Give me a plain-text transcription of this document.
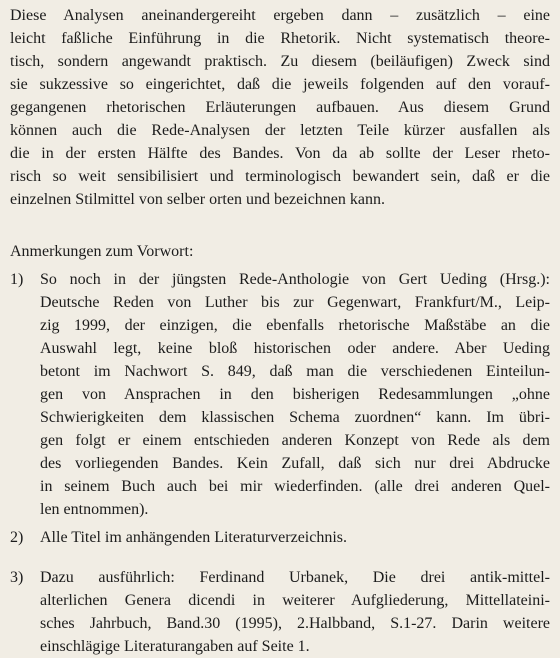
Diese Analysen aneinandergereiht ergeben dann – zusätzlich – eine
leicht faßliche Einführung in die Rhetorik. Nicht systematisch theore-
tisch, sondern angewandt praktisch. Zu diesem (beiläufigen) Zweck sind
sie sukzessive so eingerichtet, daß die jeweils folgenden auf den vorauf-
gegangenen rhetorischen Erläuterungen aufbauen. Aus diesem Grund
können auch die Rede-Analysen der letzten Teile kürzer ausfallen als
die in der ersten Hälfte des Bandes. Von da ab sollte der Leser rheto-
risch so weit sensibilisiert und terminologisch bewandert sein, daß er die
einzelnen Stilmittel von selber orten und bezeichnen kann.

Anmerkungen zum Vorwort:

1) So noch in der jüngsten Rede-Anthologie von Gert Ueding (Hrsg.):
Deutsche Reden von Luther bis zur Gegenwart, Frankfurt/M., Leip-
zig 1999, der einzigen, die ebenfalls rhetorische Maßstäbe an die
Auswahl legt, keine bloß historischen oder andere. Aber Ueding
betont im Nachwort S. 849, daß man die verschiedenen Einteilun-
gen von Ansprachen in den bisherigen Redesammlungen „ohne
Schwierigkeiten dem klassischen Schema zuordnen“ kann. Im übri-
gen folgt er einem entschieden anderen Konzept von Rede als dem
des vorliegenden Bandes. Kein Zufall, daß sich nur drei Abdrucke
in seinem Buch auch bei mir wiederfinden. (alle drei anderen Quel-
len entnommen).
2) Alle Titel im anhängenden Literaturverzeichnis.
3) Dazu ausführlich: Ferdinand Urbanek, Die drei antik-mittel-
alterlichen Genera dicendi in weiterer Aufgliederung, Mittellateini-
sches Jahrbuch, Band.30 (1995), 2.Halbband, S.1-27. Darin weitere
einschlägige Literaturangaben auf Seite 1.
